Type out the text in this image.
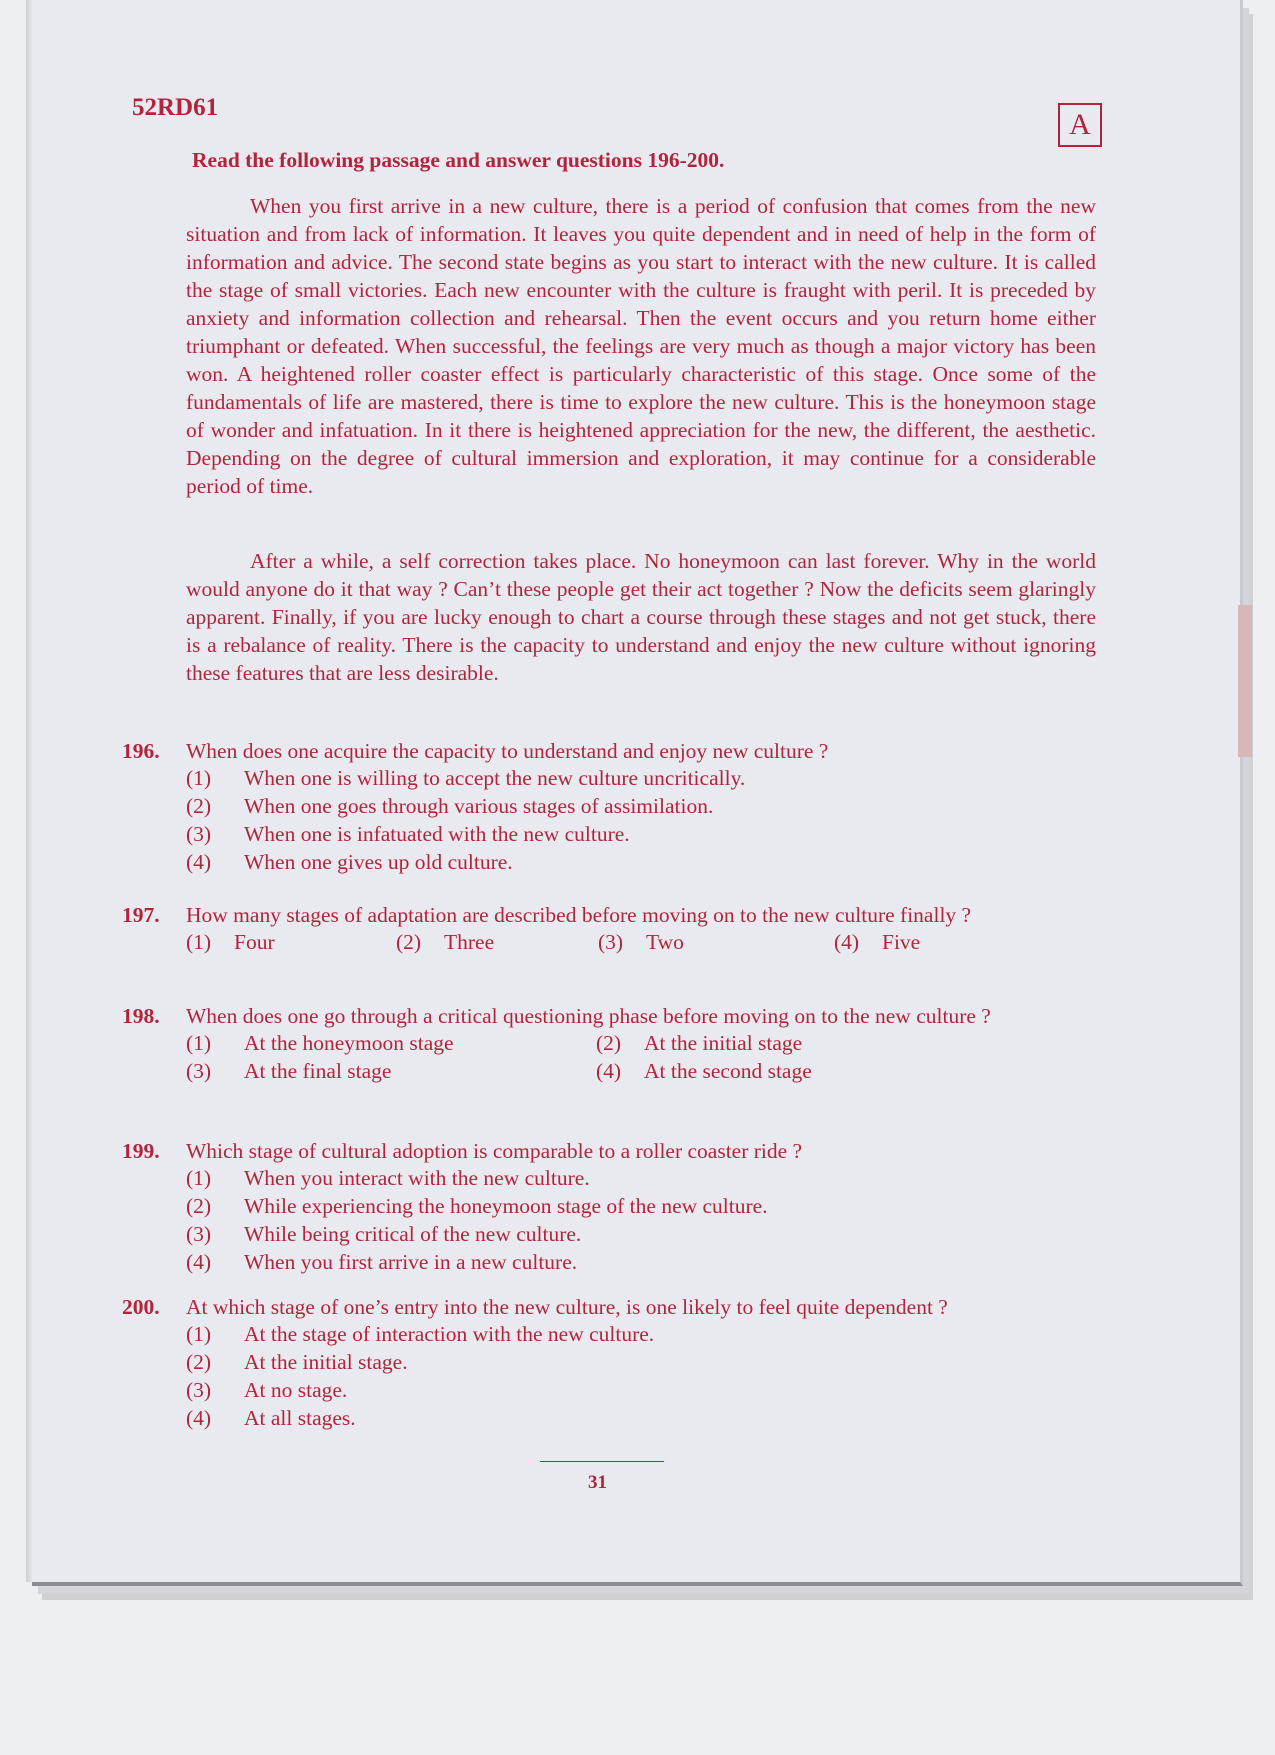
52RD61
A
Read the following passage and answer questions 196-200.

When you first arrive in a new culture, there is a period of confusion that comes from the new situation and from lack of information. It leaves you quite dependent and in need of help in the form of information and advice. The second state begins as you start to interact with the new culture. It is called the stage of small victories. Each new encounter with the culture is fraught with peril. It is preceded by anxiety and information collection and rehearsal. Then the event occurs and you return home either triumphant or defeated. When successful, the feelings are very much as though a major victory has been won. A heightened roller coaster effect is particularly characteristic of this stage. Once some of the fundamentals of life are mastered, there is time to explore the new culture. This is the honeymoon stage of wonder and infatuation. In it there is heightened appreciation for the new, the different, the aesthetic. Depending on the degree of cultural immersion and exploration, it may continue for a considerable period of time.

After a while, a self correction takes place. No honeymoon can last forever. Why in the world would anyone do it that way ? Can’t these people get their act together ? Now the deficits seem glaringly apparent. Finally, if you are lucky enough to chart a course through these stages and not get stuck, there is a rebalance of reality. There is the capacity to understand and enjoy the new culture without ignoring these features that are less desirable.

196.	When does one acquire the capacity to understand and enjoy new culture ?
(1)	When one is willing to accept the new culture uncritically.
(2)	When one goes through various stages of assimilation.
(3)	When one is infatuated with the new culture.
(4)	When one gives up old culture.
197.	How many stages of adaptation are described before moving on to the new culture finally ?
(1)	Four	(2)	Three	(3)	Two	(4)	Five
198.	When does one go through a critical questioning phase before moving on to the new culture ?
(1)	At the honeymoon stage	(2)	At the initial stage
(3)	At the final stage	(4)	At the second stage
199.	Which stage of cultural adoption is comparable to a roller coaster ride ?
(1)	When you interact with the new culture.
(2)	While experiencing the honeymoon stage of the new culture.
(3)	While being critical of the new culture.
(4)	When you first arrive in a new culture.
200.	At which stage of one’s entry into the new culture, is one likely to feel quite dependent ?
(1)	At the stage of interaction with the new culture.
(2)	At the initial stage.
(3)	At no stage.
(4)	At all stages.
31
